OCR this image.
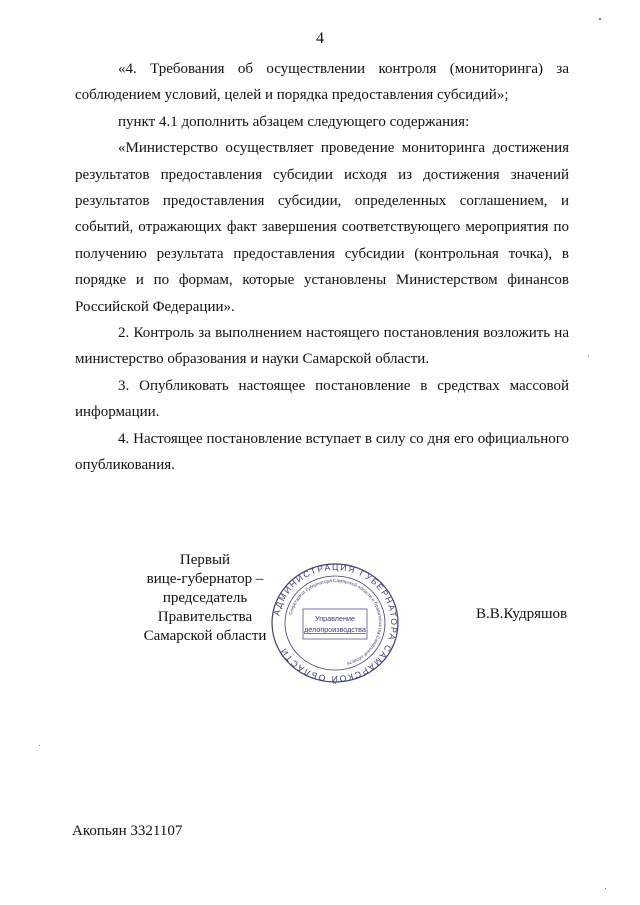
4

«4. Требования об осуществлении контроля (мониторинга) за соблюдением условий, целей и порядка предоставления субсидий»;

пункт 4.1 дополнить абзацем следующего содержания:

«Министерство осуществляет проведение мониторинга достижения результатов предоставления субсидии исходя из достижения значений результатов предоставления субсидии, определенных соглашением, и событий, отражающих факт завершения соответствующего мероприятия по получению результата предоставления субсидии (контрольная точка), в порядке и по формам, которые установлены Министерством финансов Российской Федерации».

2. Контроль за выполнением настоящего постановления возложить на министерство образования и науки Самарской области.

3. Опубликовать настоящее постановление в средствах массовой информации.

4. Настоящее постановление вступает в силу со дня его официального опубликования.

Первый
вице-губернатор –
председатель Правительства
Самарской области
АДМИНИСТРАЦИЯ ГУБЕРНАТОРА САМАРСКОЙ ОБЛАСТИ
Секретариат Губернатора Самарской области и Правительства Самарской области
Управление
делопроизводства
В.В.Кудряшов
Акопьян 3321107
